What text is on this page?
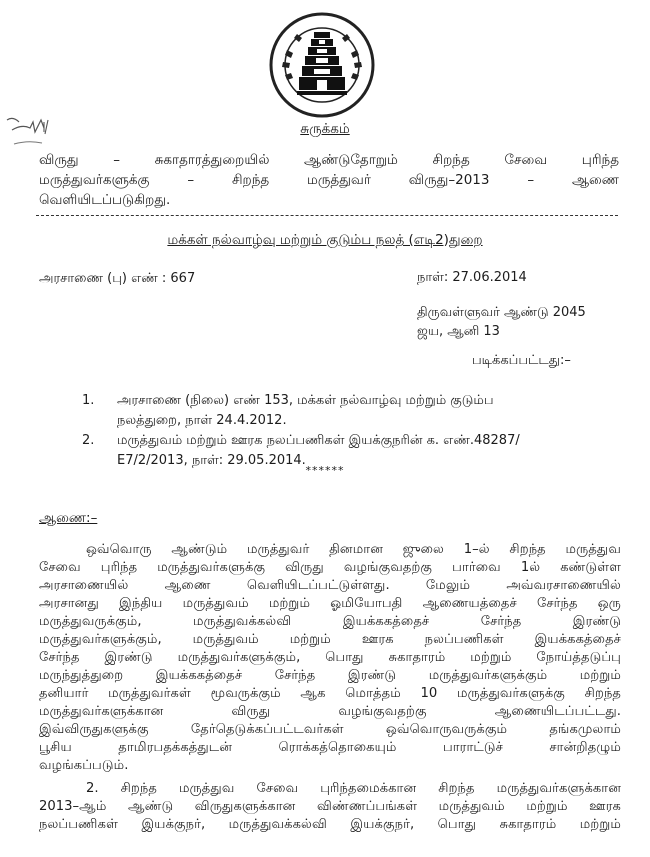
சுருக்கம்

விருது – சுகாதாரத்துறையில் ஆண்டுதோறும் சிறந்த சேவை புரிந்த
மருத்துவர்களுக்கு – சிறந்த மருத்துவர் விருது–2013 – ஆணை
வெளியிடப்படுகிறது.

மக்கள் நல்வாழ்வு மற்றும் குடும்ப நலத் (எடி2)துறை

அரசாணை (பு) எண் : 667	நாள்: 27.06.2014

திருவள்ளுவர் ஆண்டு 2045

ஜய, ஆனி 13

படிக்கப்பட்டது:–

1. அரசாணை (நிலை) எண் 153, மக்கள் நல்வாழ்வு மற்றும் குடும்ப
நலத்துறை, நாள் 24.4.2012.
2. மருத்துவம் மற்றும் ஊரக நலப்பணிகள் இயக்குநரின் க. எண்.48287/
E7/2/2013, நாள்: 29.05.2014.

******

ஆணை:–

ஒவ்வொரு ஆண்டும் மருத்துவர் தினமான ஜுலை 1–ல் சிறந்த மருத்துவ
சேவை புரிந்த மருத்துவர்களுக்கு விருது வழங்குவதற்கு பார்வை 1ல் கண்டுள்ள
அரசாணையில் ஆணை வெளியிடப்பட்டுள்ளது. மேலும் அவ்வரசாணையில்
அரசானது இந்திய மருத்துவம் மற்றும் ஓமியோபதி ஆணையத்தைச் சேர்ந்த ஒரு
மருத்துவருக்கும், மருத்துவக்கல்வி இயக்ககத்தைச் சேர்ந்த இரண்டு
மருத்துவர்களுக்கும், மருத்துவம் மற்றும் ஊரக நலப்பணிகள் இயக்ககத்தைச்
சேர்ந்த இரண்டு மருத்துவர்களுக்கும், பொது சுகாதாரம் மற்றும் நோய்த்தடுப்பு
மருந்துத்துறை இயக்ககத்தைச் சேர்ந்த இரண்டு மருத்துவர்களுக்கும் மற்றும்
தனியார் மருத்துவர்கள் மூவருக்கும் ஆக மொத்தம் 10 மருத்துவர்களுக்கு சிறந்த
மருத்துவர்களுக்கான விருது வழங்குவதற்கு ஆணையிடப்பட்டது.
இவ்விருதுகளுக்கு தேர்தெடுக்கப்பட்டவர்கள் ஒவ்வொருவருக்கும் தங்கமுலாம்
பூசிய தாமிரபதக்கத்துடன் ரொக்கத்தொகையும் பாராட்டுச் சான்றிதழும்
வழங்கப்படும்.
2. சிறந்த மருத்துவ சேவை புரிந்தமைக்கான சிறந்த மருத்துவர்களுக்கான
2013–ஆம் ஆண்டு விருதுகளுக்கான விண்ணப்பங்கள் மருத்துவம் மற்றும் ஊரக
நலப்பணிகள் இயக்குநர், மருத்துவக்கல்வி இயக்குநர், பொது சுகாதாரம் மற்றும்
